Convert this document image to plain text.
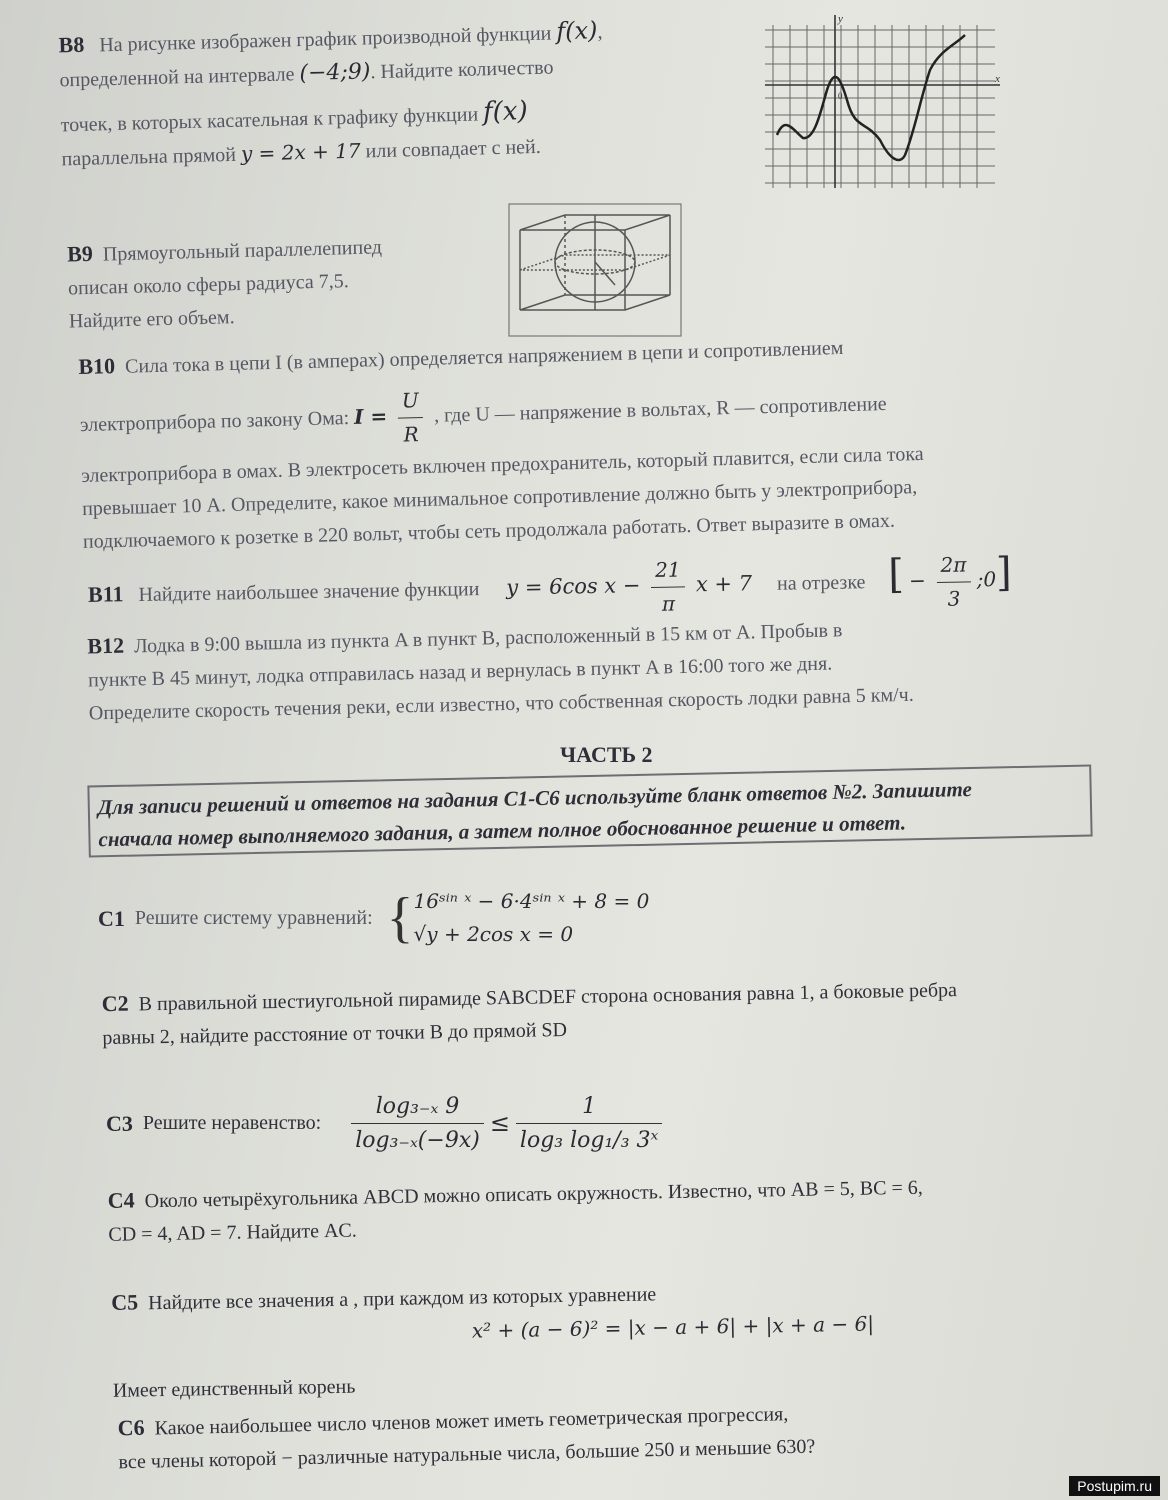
B8 На рисунке изображен график производной функции f(x),
определенной на интервале (−4;9). Найдите количество
точек, в которых касательная к графику функции f(x)
параллельна прямой y = 2x + 17 или совпадает с ней.
x
y
0
B9 Прямоугольный параллелепипед
описан около сферы радиуса 7,5.
Найдите его объем.
B10 Сила тока в цепи I (в амперах) определяется напряжением в цепи и сопротивлением
электроприбора по закону Ома: $I = \frac{U}{R}$ , где U — напряжение в вольтах, R — сопротивление
электроприбора в омах. В электросеть включен предохранитель, который плавится, если сила тока
превышает 10 А. Определите, какое минимальное сопротивление должно быть у электроприбора,
подключаемого к розетке в 220 вольт, чтобы сеть продолжала работать. Ответ выразите в омах.
B11 Найдите наибольшее значение функции y = 6cos $x - \frac{21}{\pi}$ x + 7 на отрезке [ − $\frac{2\pi}{3}$ ;0]
B12 Лодка в 9:00 вышла из пункта A в пункт B, расположенный в 15 км от A. Пробыв в
пункте B 45 минут, лодка отправилась назад и вернулась в пункт A в 16:00 того же дня.
Определите скорость течения реки, если известно, что собственная скорость лодки равна 5 км/ч.
ЧАСТЬ 2
Для записи решений и ответов на задания С1-С6 используйте бланк ответов №2. Запишите
сначала номер выполняемого задания, а затем полное обоснованное решение и ответ.
C1 Решите систему уравнений: { 16ˢⁱⁿ ˣ − 6·4ˢⁱⁿ ˣ + 8 = 0
√y + 2cos x = 0
C2 В правильной шестиугольной пирамиде SABCDEF сторона основания равна 1, а боковые ребра
равны 2, найдите расстояние от точки B до прямой SD
C3 Решите неравенство: $\frac{\text{log₃₋ₓ 9}}{\text{log₃₋ₓ(−9x)}} \le \frac{1}{\text{log₃ log₁/₃ 3ˣ}}$
C4 Около четырёхугольника ABCD можно описать окружность. Известно, что AB = 5, BC = 6,
CD = 4, AD = 7. Найдите AC.
C5 Найдите все значения a , при каждом из которых уравнение
x² + (a − 6)² = |x − a + 6| + |x + a − 6|
Имеет единственный корень
C6 Какое наибольшее число членов может иметь геометрическая прогрессия,
все члены которой − различные натуральные числа, большие 250 и меньшие 630?
Postupim.ru
